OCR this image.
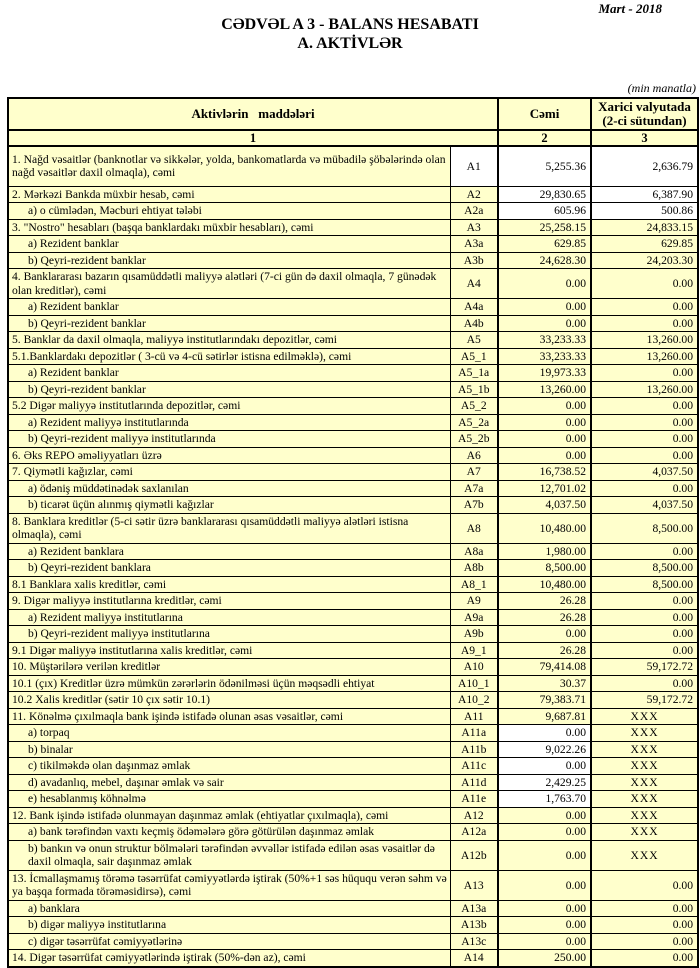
Mart - 2018
CƏDVƏL A 3 - BALANS HESABATI
A. AKTİVLƏR
(min manatla)
Aktivlərin   maddələri		Cəmi	Xarici valyutada
(2-ci sütundan)

1		2	3
1. Nağd vəsaitlər (banknotlar və sikkələr, yolda, bankomatlarda və mübadilə şöbələrində olan nağd vəsaitlər daxil olmaqla), cəmi	A1	5,255.36	2,636.79
2. Mərkəzi Bankda müxbir hesab, cəmi	A2	29,830.65	6,387.90
a) o cümlədən, Məcburi ehtiyat tələbi	A2a	605.96	500.86
3. "Nostro" hesabları (başqa banklardakı müxbir hesabları), cəmi	A3	25,258.15	24,833.15
a) Rezident banklar	A3a	629.85	629.85
b) Qeyri-rezident banklar	A3b	24,628.30	24,203.30
4. Banklararası bazarın qısamüddətli maliyyə alətləri (7-ci gün də daxil olmaqla, 7 günədək olan kreditlər), cəmi	A4	0.00	0.00
a) Rezident banklar	A4a	0.00	0.00
b) Qeyri-rezident banklar	A4b	0.00	0.00
5. Banklar da daxil olmaqla, maliyyə institutlarındakı depozitlər, cəmi	A5	33,233.33	13,260.00
5.1.Banklardakı depozitlər ( 3-cü və 4-cü sətirlər istisna edilməklə), cəmi	A5_1	33,233.33	13,260.00
a) Rezident banklar	A5_1a	19,973.33	0.00
b) Qeyri-rezident banklar	A5_1b	13,260.00	13,260.00
5.2 Digər maliyyə institutlarında depozitlər, cəmi	A5_2	0.00	0.00
a) Rezident maliyyə institutlarında	A5_2a	0.00	0.00
b) Qeyri-rezident maliyyə institutlarında	A5_2b	0.00	0.00
6. Əks REPO əməliyyatları üzrə	A6	0.00	0.00
7. Qiymətli kağızlar, cəmi	A7	16,738.52	4,037.50
a) ödəniş müddətinədək saxlanılan	A7a	12,701.02	0.00
b) ticarət üçün alınmış qiymətli kağızlar	A7b	4,037.50	4,037.50
8. Banklara kreditlər (5-ci sətir üzrə banklararası qısamüddətli maliyyə alətləri istisna olmaqla), cəmi	A8	10,480.00	8,500.00
a) Rezident banklara	A8a	1,980.00	0.00
b) Qeyri-rezident banklara	A8b	8,500.00	8,500.00
8.1 Banklara xalis kreditlər, cəmi	A8_1	10,480.00	8,500.00
9. Digər maliyyə institutlarına kreditlər, cəmi	A9	26.28	0.00
a) Rezident maliyyə institutlarına	A9a	26.28	0.00
b) Qeyri-rezident maliyyə institutlarına	A9b	0.00	0.00
9.1 Digər maliyyə institutlarına xalis kreditlər, cəmi	A9_1	26.28	0.00
10. Müştərilərə verilən kreditlər	A10	79,414.08	59,172.72
10.1 (çıx) Kreditlər üzrə mümkün zərərlərin ödənilməsi üçün məqsədli ehtiyat	A10_1	30.37	0.00
10.2 Xalis kreditlər (sətir 10 çıx sətir 10.1)	A10_2	79,383.71	59,172.72
11. Könəlmə çıxılmaqla bank işində istifadə olunan əsas vəsaitlər, cəmi	A11	9,687.81	XXX
a) torpaq	A11a	0.00	XXX
b) binalar	A11b	9,022.26	XXX
c) tikilməkdə olan daşınmaz əmlak	A11c	0.00	XXX
d) avadanlıq, mebel, daşınar əmlak və sair	A11d	2,429.25	XXX
e) hesablanmış köhnəlmə	A11e	1,763.70	XXX
12. Bank işində istifadə olunmayan daşınmaz əmlak (ehtiyatlar çıxılmaqla), cəmi	A12	0.00	XXX
a) bank tərəfindən vaxtı keçmiş ödəmələrə görə götürülən daşınmaz əmlak	A12a	0.00	XXX
b) bankın və onun struktur bölmələri tərəfindən əvvəllər istifadə edilən əsas vəsaitlər də daxil olmaqla, sair daşınmaz əmlak	A12b	0.00	XXX
13. İcmallaşmamış törəmə təsərrüfat cəmiyyətlərdə iştirak (50%+1 səs hüququ verən səhm və ya başqa formada törəməsidirsə), cəmi	A13	0.00	0.00
a) banklara	A13a	0.00	0.00
b) digər maliyyə institutlarına	A13b	0.00	0.00
c) digər təsərrüfat cəmiyyətlərinə	A13c	0.00	0.00
14. Digər təsərrüfat cəmiyyətlərində iştirak (50%-dən az), cəmi	A14	250.00	0.00
